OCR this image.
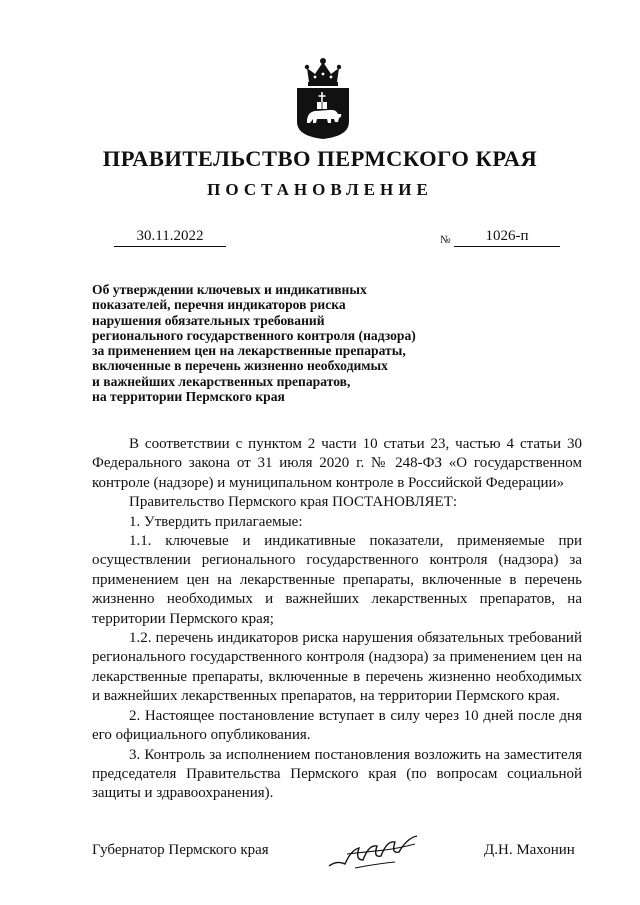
ПРАВИТЕЛЬСТВО ПЕРМСКОГО КРАЯ
ПОСТАНОВЛЕНИЕ
30.11.2022	№	1026-п
Об утверждении ключевых и индикативных
показателей, перечня индикаторов риска
нарушения обязательных требований
регионального государственного контроля (надзора)
за применением цен на лекарственные препараты,
включенные в перечень жизненно необходимых
и важнейших лекарственных препаратов,
на территории Пермского края

В соответствии с пунктом 2 части 10 статьи 23, частью 4 статьи 30 Федерального закона от 31 июля 2020 г. № 248-ФЗ «О государственном контроле (надзоре) и муниципальном контроле в Российской Федерации»

Правительство Пермского края ПОСТАНОВЛЯЕТ:

1. Утвердить прилагаемые:

1.1. ключевые и индикативные показатели, применяемые при осуществлении регионального государственного контроля (надзора) за применением цен на лекарственные препараты, включенные в перечень жизненно необходимых и важнейших лекарственных препаратов, на территории Пермского края;

1.2. перечень индикаторов риска нарушения обязательных требований регионального государственного контроля (надзора) за применением цен на лекарственные препараты, включенные в перечень жизненно необходимых и важнейших лекарственных препаратов, на территории Пермского края.

2. Настоящее постановление вступает в силу через 10 дней после дня его официального опубликования.

3. Контроль за исполнением постановления возложить на заместителя председателя Правительства Пермского края (по вопросам социальной защиты и здравоохранения).

Губернатор Пермского края	Д.Н. Махонин
